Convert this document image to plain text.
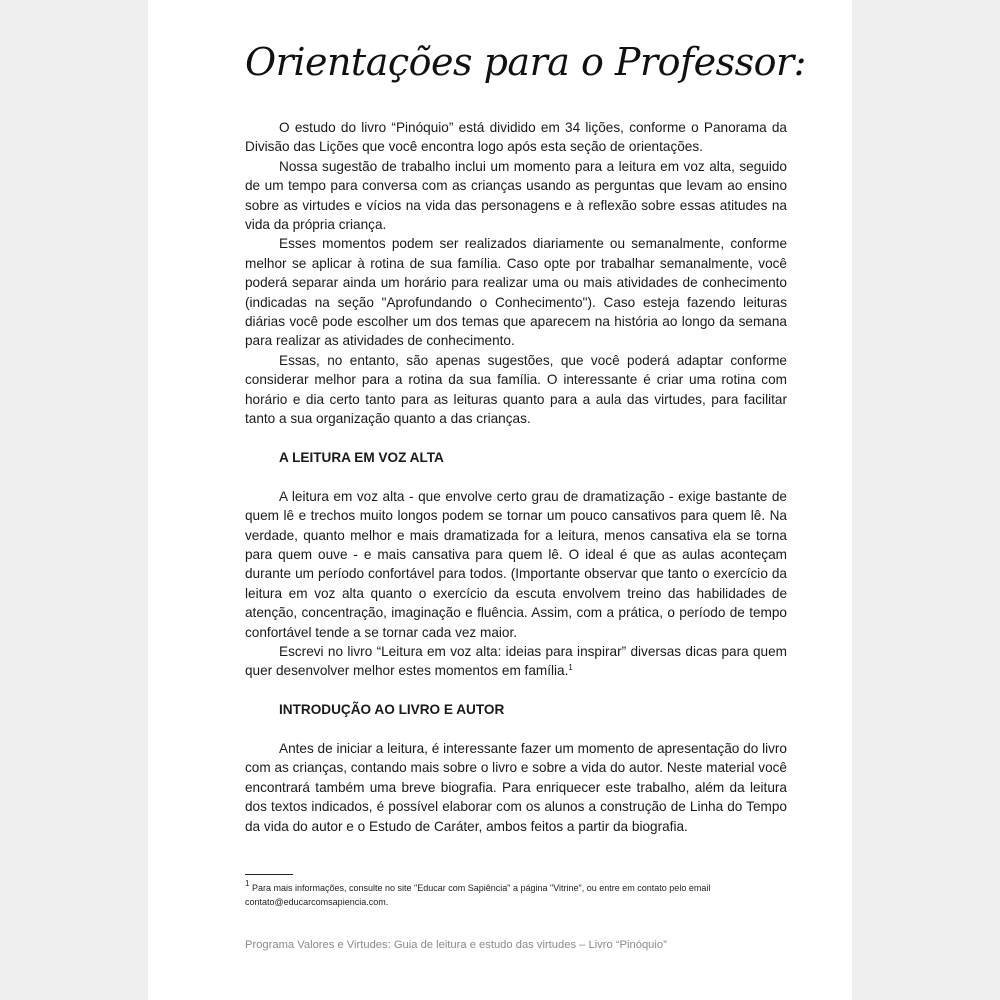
Orientações para o Professor:

O estudo do livro “Pinóquio” está dividido em 34 lições, conforme o Panorama da Divisão das Lições que você encontra logo após esta seção de orientações.

Nossa sugestão de trabalho inclui um momento para a leitura em voz alta, seguido de um tempo para conversa com as crianças usando as perguntas que levam ao ensino sobre as virtudes e vícios na vida das personagens e à reflexão sobre essas atitudes na vida da própria criança.

Esses momentos podem ser realizados diariamente ou semanalmente, conforme melhor se aplicar à rotina de sua família. Caso opte por trabalhar semanalmente, você poderá separar ainda um horário para realizar uma ou mais atividades de conhecimento (indicadas na seção "Aprofundando o Conhecimento"). Caso esteja fazendo leituras diárias você pode escolher um dos temas que aparecem na história ao longo da semana para realizar as atividades de conhecimento.

Essas, no entanto, são apenas sugestões, que você poderá adaptar conforme considerar melhor para a rotina da sua família. O interessante é criar uma rotina com horário e dia certo tanto para as leituras quanto para a aula das virtudes, para facilitar tanto a sua organização quanto a das crianças.

A LEITURA EM VOZ ALTA

A leitura em voz alta - que envolve certo grau de dramatização - exige bastante de quem lê e trechos muito longos podem se tornar um pouco cansativos para quem lê. Na verdade, quanto melhor e mais dramatizada for a leitura, menos cansativa ela se torna para quem ouve - e mais cansativa para quem lê. O ideal é que as aulas aconteçam durante um período confortável para todos. (Importante observar que tanto o exercício da leitura em voz alta quanto o exercício da escuta envolvem treino das habilidades de atenção, concentração, imaginação e fluência. Assim, com a prática, o período de tempo confortável tende a se tornar cada vez maior.

Escrevi no livro “Leitura em voz alta: ideias para inspirar” diversas dicas para quem quer desenvolver melhor estes momentos em família.$^1$

INTRODUÇÃO AO LIVRO E AUTOR

Antes de iniciar a leitura, é interessante fazer um momento de apresentação do livro com as crianças, contando mais sobre o livro e sobre a vida do autor. Neste material você encontrará também uma breve biografia. Para enriquecer este trabalho, além da leitura dos textos indicados, é possível elaborar com os alunos a construção de Linha do Tempo da vida do autor e o Estudo de Caráter, ambos feitos a partir da biografia.

$^1$ Para mais informações, consulte no site "Educar com Sapiência" a página "Vitrine", ou entre em contato pelo email
contato@educarcomsapiencia.com.

Programa Valores e Virtudes: Guia de leitura e estudo das virtudes – Livro “Pinóquio”
